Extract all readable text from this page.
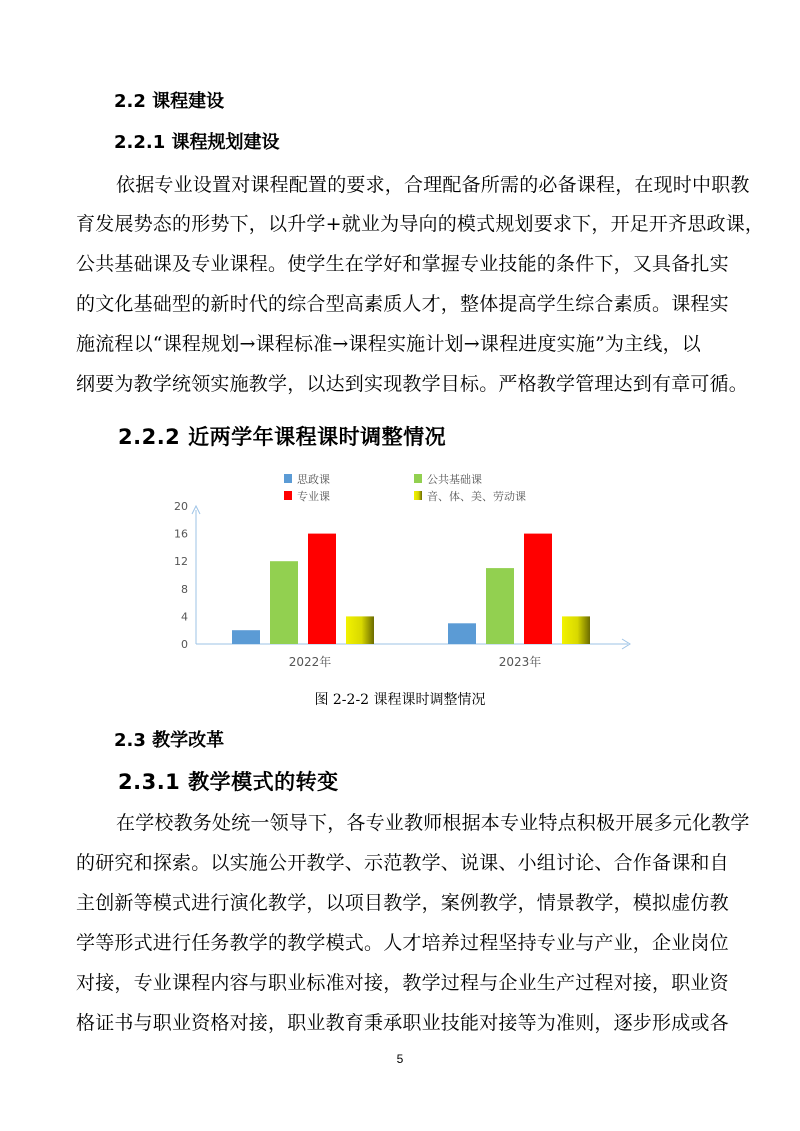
2.2 课程建设
2.2.1 课程规划建设
依据专业设置对课程配置的要求，合理配备所需的必备课程，在现时中职教
育发展势态的形势下，以升学+就业为导向的模式规划要求下，开足开齐思政课，
公共基础课及专业课程。使学生在学好和掌握专业技能的条件下，又具备扎实
的文化基础型的新时代的综合型高素质人才，整体提高学生综合素质。课程实
施流程以“课程规划→课程标准→课程实施计划→课程进度实施”为主线，以
纲要为教学统领实施教学，以达到实现教学目标。严格教学管理达到有章可循。
2.2.2 近两学年课程课时调整情况
思政课	公共基础课
专业课	音、体、美、劳动课
0
4
8
12
16
20
2022年	2023年
图 2-2-2 课程课时调整情况
2.3 教学改革
2.3.1 教学模式的转变
在学校教务处统一领导下，各专业教师根据本专业特点积极开展多元化教学
的研究和探索。以实施公开教学、示范教学、说课、小组讨论、合作备课和自
主创新等模式进行演化教学，以项目教学，案例教学，情景教学，模拟虚仿教
学等形式进行任务教学的教学模式。人才培养过程坚持专业与产业，企业岗位
对接，专业课程内容与职业标准对接，教学过程与企业生产过程对接，职业资
格证书与职业资格对接，职业教育秉承职业技能对接等为准则，逐步形成或各
5
